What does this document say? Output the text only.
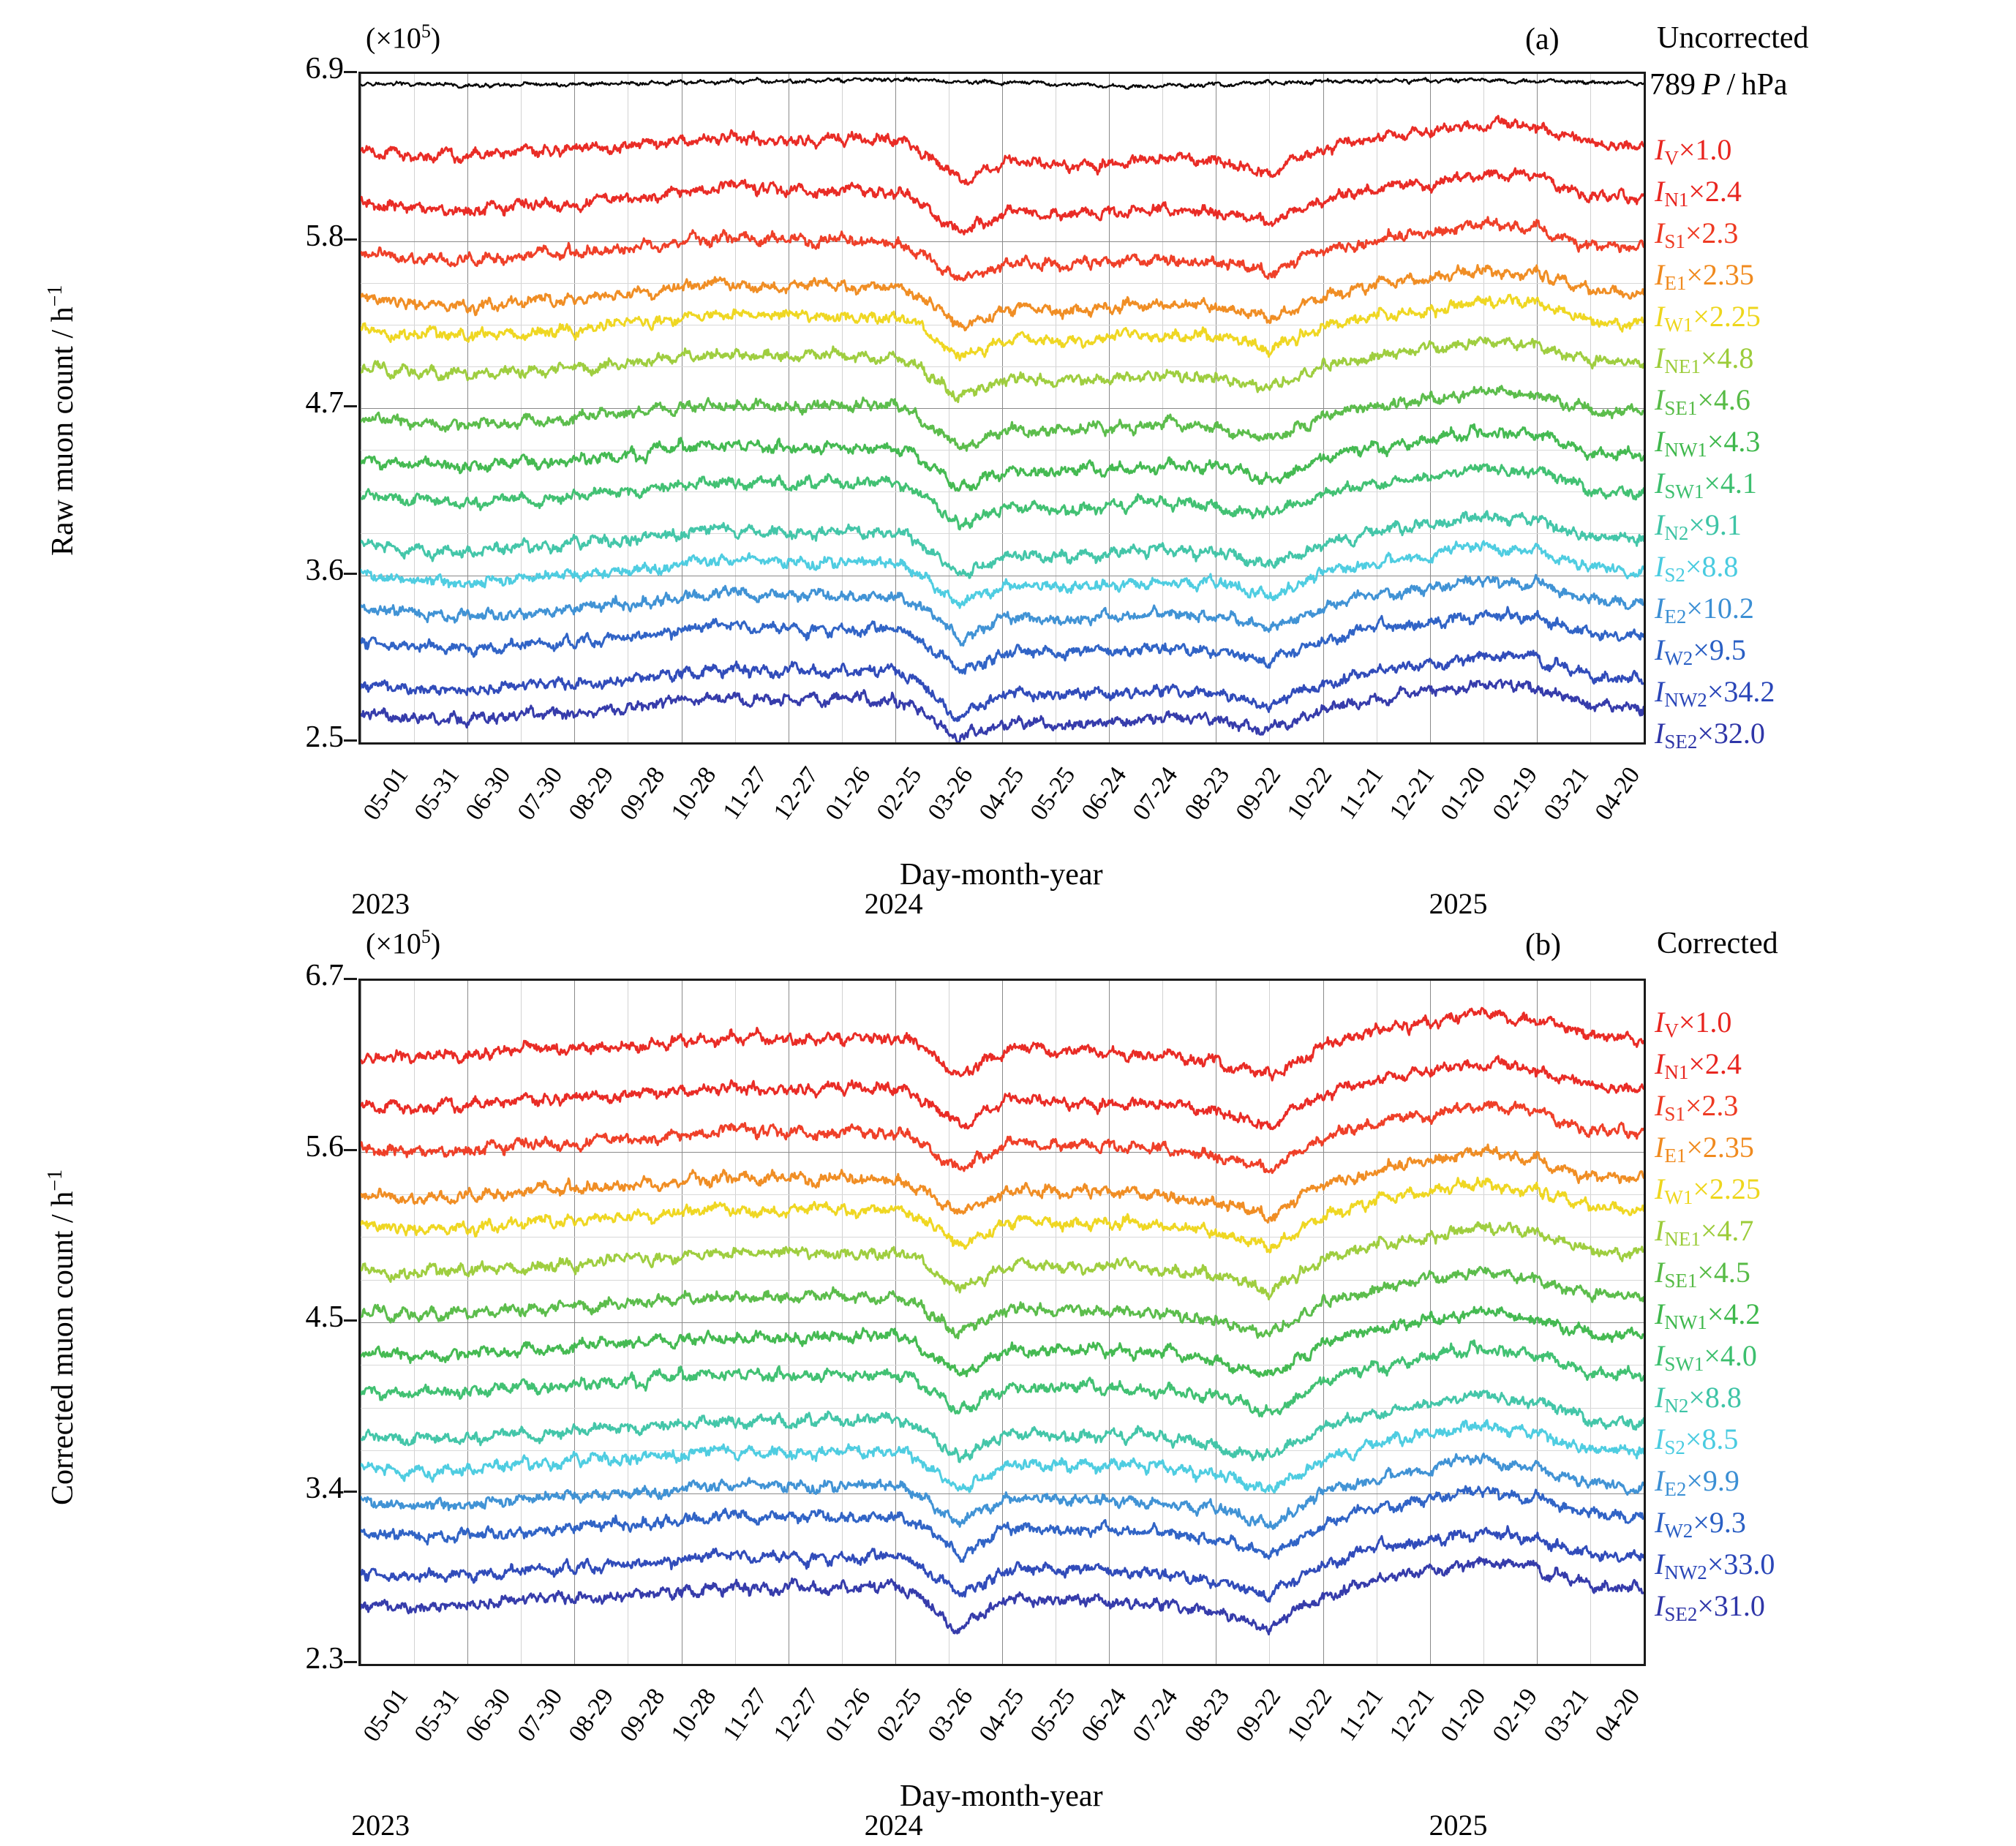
$(\times 10^5)$	(a)	Uncorrected
789 P / hPa
Raw muon count / $h^{-1}$
6.9
5.8
4.7
3.6
2.5
05-01
05-31
06-30
07-30
08-29
09-28
10-28
11-27
12-27
01-26
02-25
03-26
04-25
05-25
06-24
07-24
08-23
09-22
10-22
11-21
12-21
01-20
02-19
03-21
04-20
2023	2024	2025
Day-month-year
$I_V\times 1.0$
$I_{N1}\times 2.4$
$I_{S1}\times 2.3$
$I_{E1}\times 2.35$
$I_{W1}\times 2.25$
$I_{NE1}\times 4.8$
$I_{SE1}\times 4.6$
$I_{NW1}\times 4.3$
$I_{SW1}\times 4.1$
$I_{N2}\times 9.1$
$I_{S2}\times 8.8$
$I_{E2}\times 10.2$
$I_{W2}\times 9.5$
$I_{NW2}\times 34.2$
$I_{SE2}\times 32.0$
$(\times 10^5)$	(b)	Corrected
Corrected muon count / $h^{-1}$
6.7
5.6
4.5
3.4
2.3
05-01
05-31
06-30
07-30
08-29
09-28
10-28
11-27
12-27
01-26
02-25
03-26
04-25
05-25
06-24
07-24
08-23
09-22
10-22
11-21
12-21
01-20
02-19
03-21
04-20
2023	2024	2025
Day-month-year
$I_V\times 1.0$
$I_{N1}\times 2.4$
$I_{S1}\times 2.3$
$I_{E1}\times 2.35$
$I_{W1}\times 2.25$
$I_{NE1}\times 4.7$
$I_{SE1}\times 4.5$
$I_{NW1}\times 4.2$
$I_{SW1}\times 4.0$
$I_{N2}\times 8.8$
$I_{S2}\times 8.5$
$I_{E2}\times 9.9$
$I_{W2}\times 9.3$
$I_{NW2}\times 33.0$
$I_{SE2}\times 31.0$
